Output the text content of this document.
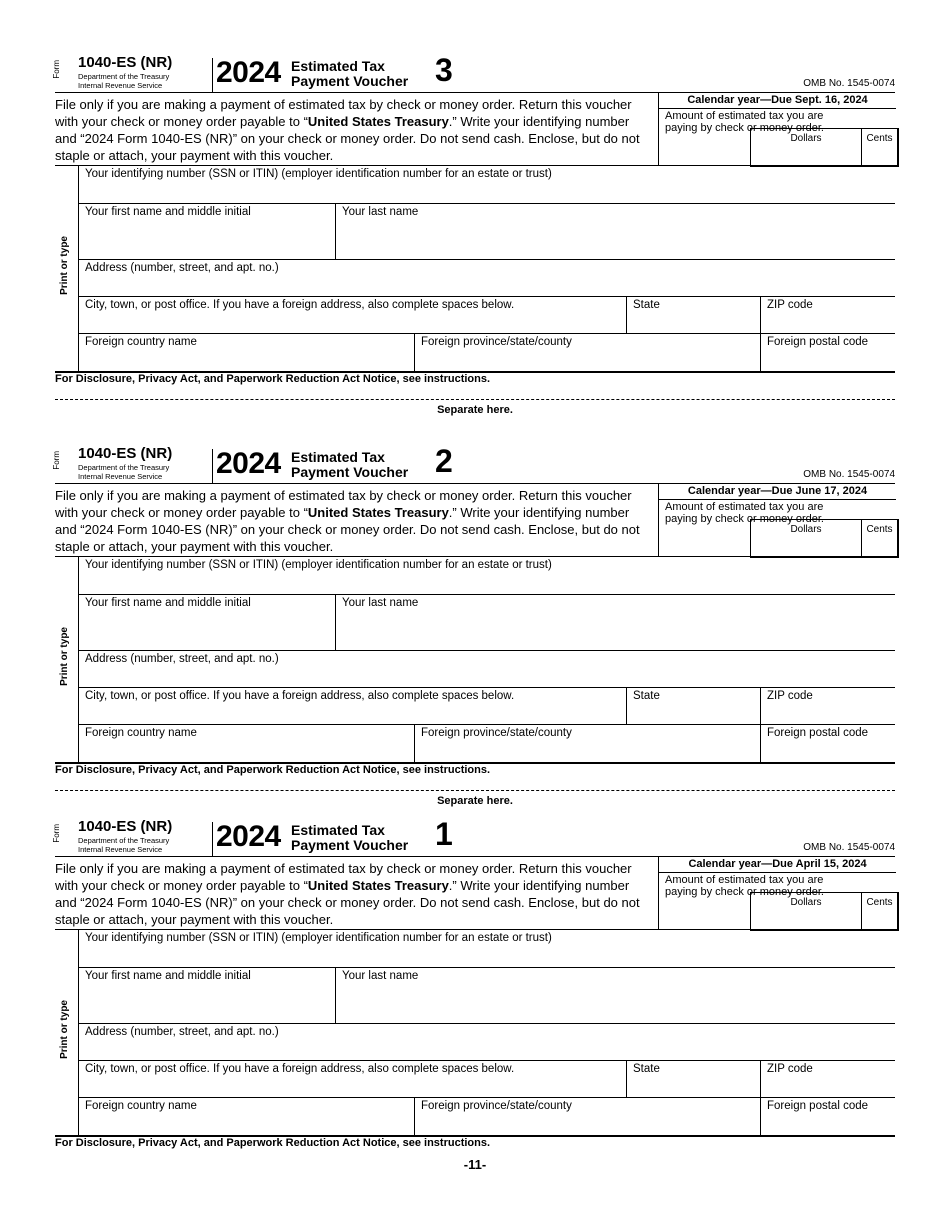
Form 1040-ES (NR)
Department of the Treasury
Internal Revenue Service 2024 Estimated Tax
Payment Voucher 3	OMB No. 1545-0074
File only if you are making a payment of estimated tax by check or money order. Return this voucher with your check or money order payable to “United States Treasury.” Write your identifying number and “2024 Form 1040-ES (NR)” on your check or money order. Do not send cash. Enclose, but do not staple or attach, your payment with this voucher.
Calendar year—Due Sept. 16, 2024
Amount of estimated tax you are paying by check or money order.
Dollars	Cents
Print or type
Your identifying number (SSN or ITIN) (employer identification number for an estate or trust)
Your first name and middle initial	Your last name
Address (number, street, and apt. no.)
City, town, or post office. If you have a foreign address, also complete spaces below.	State	ZIP code
Foreign country name	Foreign province/state/county	Foreign postal code
For Disclosure, Privacy Act, and Paperwork Reduction Act Notice, see instructions.
Separate here.
Form 1040-ES (NR)
Department of the Treasury
Internal Revenue Service 2024 Estimated Tax
Payment Voucher 2	OMB No. 1545-0074
File only if you are making a payment of estimated tax by check or money order. Return this voucher with your check or money order payable to “United States Treasury.” Write your identifying number and “2024 Form 1040-ES (NR)” on your check or money order. Do not send cash. Enclose, but do not staple or attach, your payment with this voucher.
Calendar year—Due June 17, 2024
Amount of estimated tax you are paying by check or money order.
Dollars	Cents
Print or type
Your identifying number (SSN or ITIN) (employer identification number for an estate or trust)
Your first name and middle initial	Your last name
Address (number, street, and apt. no.)
City, town, or post office. If you have a foreign address, also complete spaces below.	State	ZIP code
Foreign country name	Foreign province/state/county	Foreign postal code
For Disclosure, Privacy Act, and Paperwork Reduction Act Notice, see instructions.
Separate here.
Form 1040-ES (NR)
Department of the Treasury
Internal Revenue Service 2024 Estimated Tax
Payment Voucher 1	OMB No. 1545-0074
File only if you are making a payment of estimated tax by check or money order. Return this voucher with your check or money order payable to “United States Treasury.” Write your identifying number and “2024 Form 1040-ES (NR)” on your check or money order. Do not send cash. Enclose, but do not staple or attach, your payment with this voucher.
Calendar year—Due April 15, 2024
Amount of estimated tax you are paying by check or money order.
Dollars	Cents
Print or type
Your identifying number (SSN or ITIN) (employer identification number for an estate or trust)
Your first name and middle initial	Your last name
Address (number, street, and apt. no.)
City, town, or post office. If you have a foreign address, also complete spaces below.	State	ZIP code
Foreign country name	Foreign province/state/county	Foreign postal code
For Disclosure, Privacy Act, and Paperwork Reduction Act Notice, see instructions.
-11-
